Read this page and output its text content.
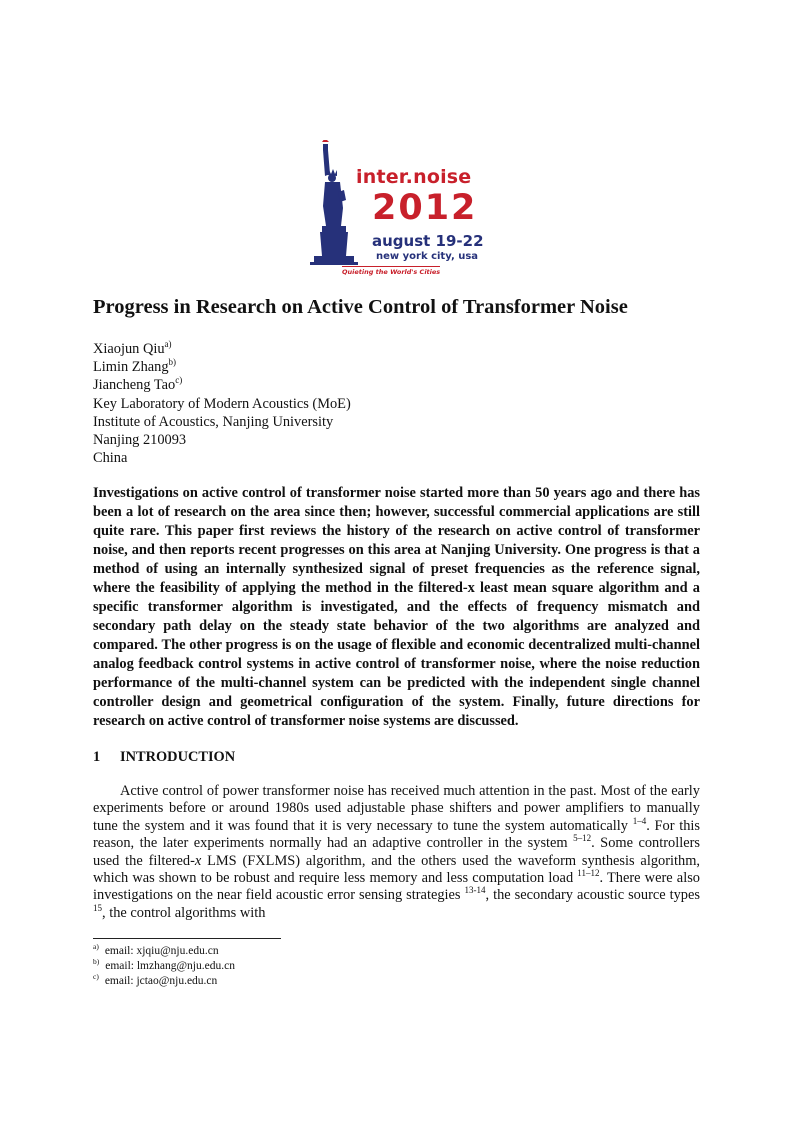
inter.noise
2012
august 19-22
new york city, usa
Quieting the World's Cities
Progress in Research on Active Control of Transformer Noise
Xiaojun Qiu$^{a)}$
Limin Zhang$^{b)}$
Jiancheng Tao$^{c)}$
Key Laboratory of Modern Acoustics (MoE)
Institute of Acoustics, Nanjing University
Nanjing 210093
China
Investigations on active control of transformer noise started more than 50 years ago and there has been a lot of research on the area since then; however, successful commercial applications are still quite rare. This paper first reviews the history of the research on active control of transformer noise, and then reports recent progresses on this area at Nanjing University. One progress is that a method of using an internally synthesized signal of preset frequencies as the reference signal, where the feasibility of applying the method in the filtered-x least mean square algorithm and a specific transformer algorithm is investigated, and the effects of frequency mismatch and secondary path delay on the steady state behavior of the two algorithms are analyzed and compared. The other progress is on the usage of flexible and economic decentralized multi-channel analog feedback control systems in active control of transformer noise, where the noise reduction performance of the multi-channel system can be predicted with the independent single channel controller design and geometrical configuration of the system. Finally, future directions for research on active control of transformer noise systems are discussed.
1 INTRODUCTION
Active control of power transformer noise has received much attention in the past. Most of the early experiments before or around 1980s used adjustable phase shifters and power amplifiers to manually tune the system and it was found that it is very necessary to tune the system automatically $^{1-4}$. For this reason, the later experiments normally had an adaptive controller in the system $^{5-12}$. Some controllers used the filtered-x LMS (FXLMS) algorithm, and the others used the waveform synthesis algorithm, which was shown to be robust and require less memory and less computation load $^{11-12}$. There were also investigations on the near field acoustic error sensing strategies $^{13-14}$, the secondary acoustic source types $^{15}$, the control algorithms with
$^{a)}$ email: xjqiu@nju.edu.cn
$^{b)}$ email: lmzhang@nju.edu.cn
$^{c)}$ email: jctao@nju.edu.cn
